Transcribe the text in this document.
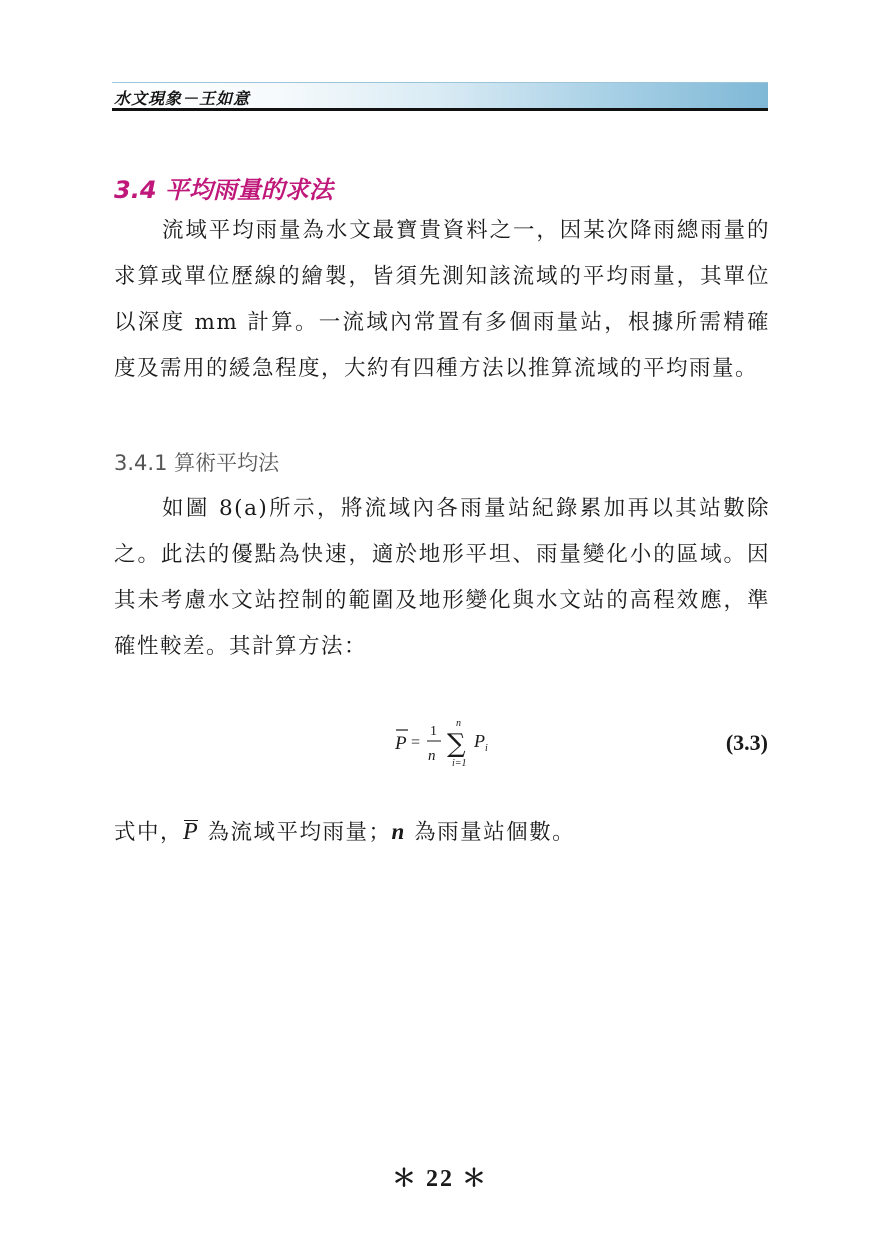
水文現象－王如意
3.4 平均雨量的求法

流域平均雨量為水文最寶貴資料之一，因某次降雨總雨量的求算或單位歷線的繪製，皆須先測知該流域的平均雨量，其單位以深度 mm 計算。一流域內常置有多個雨量站，根據所需精確度及需用的緩急程度，大約有四種方法以推算流域的平均雨量。

3.4.1 算術平均法

如圖 8(a)所示，將流域內各雨量站紀錄累加再以其站數除之。此法的優點為快速，適於地形平坦、雨量變化小的區域。因其未考慮水文站控制的範圍及地形變化與水文站的高程效應，準確性較差。其計算方法：

P =
1
n
n
∑
i=1
P i	(3.3)
式中，P 為流域平均雨量；n 為雨量站個數。
＊ 22 ＊
